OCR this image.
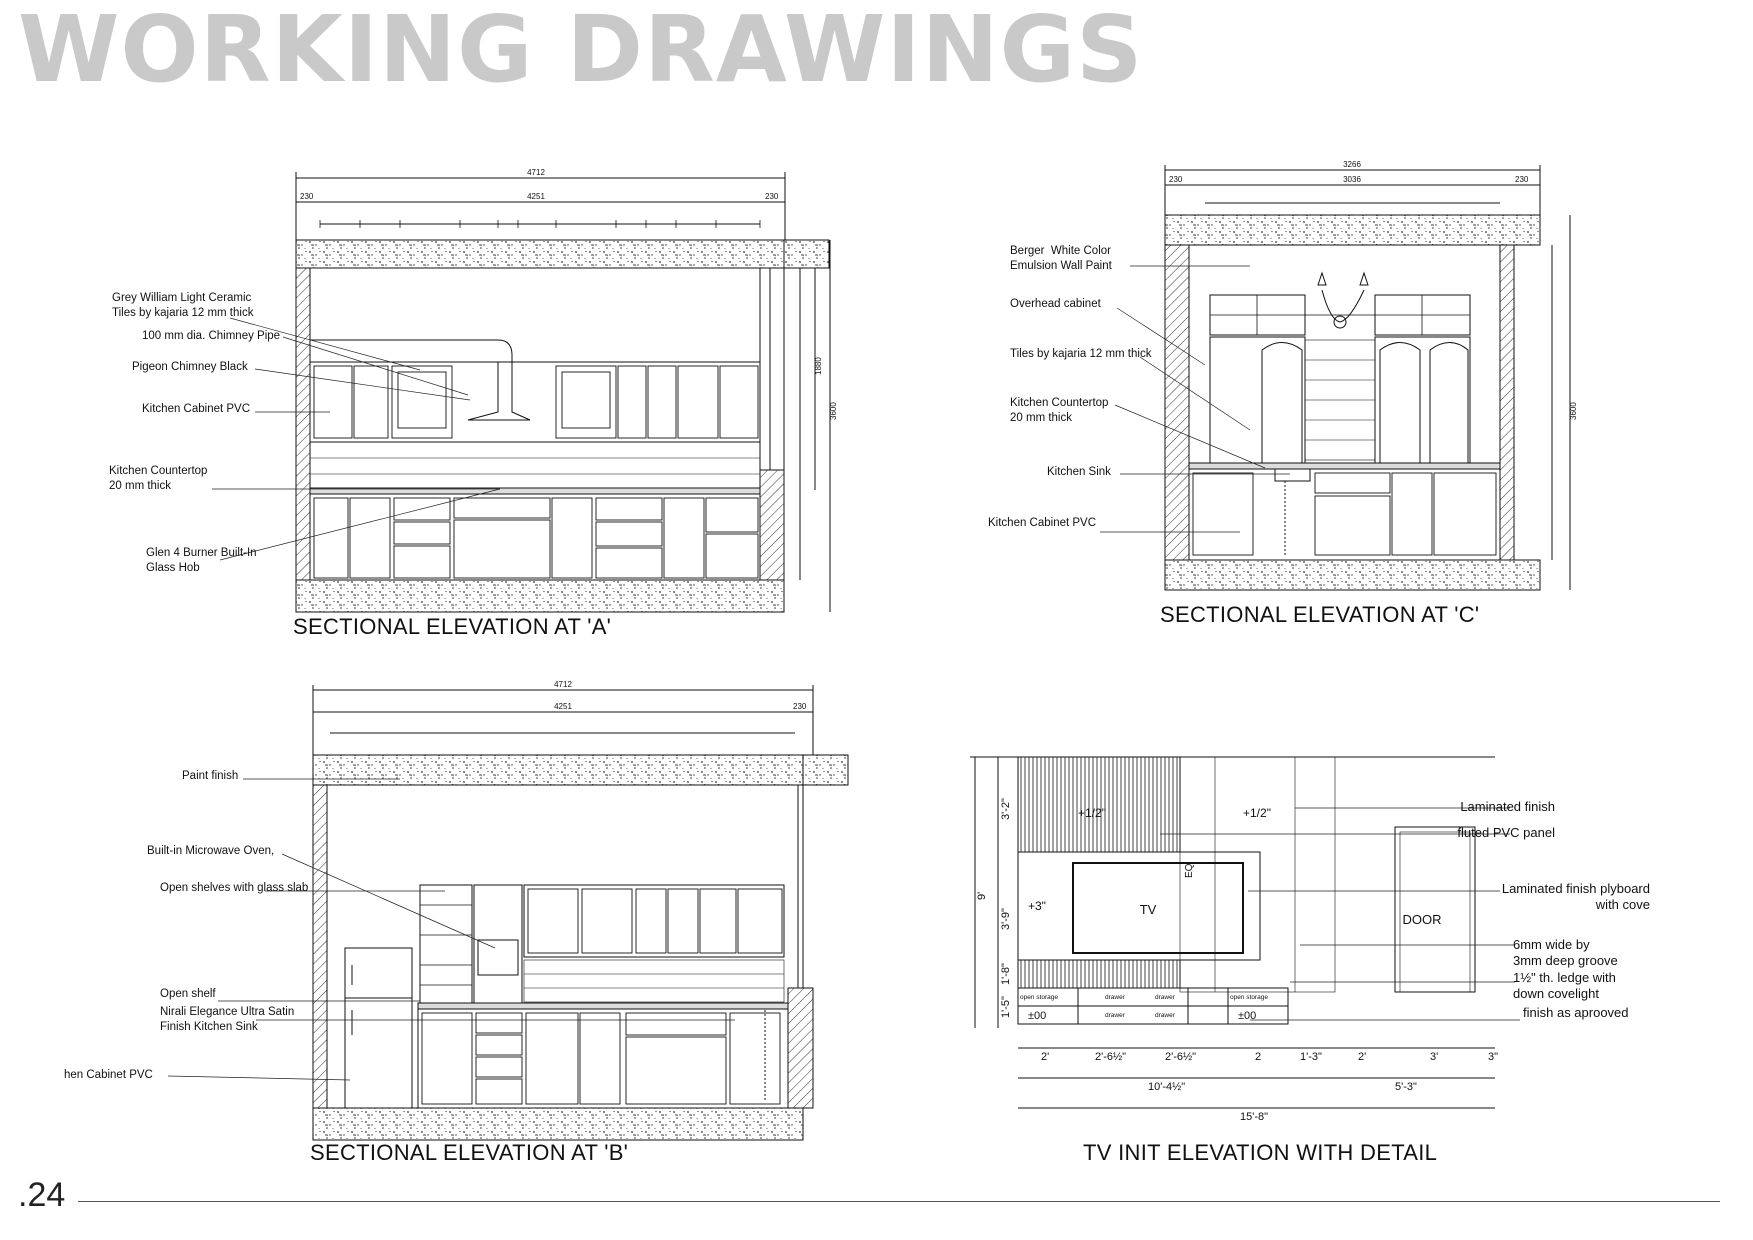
WORKING DRAWINGS
4712
4251
230	230
3600
1880
3266
3036
230	230
3600
4712
4251	230
TV
DOOR
EQ
+1/2"	+1/2"
+3"
±00	±00
open storage	drawer	drawer	open storage
drawer	drawer
2'	2'-6½"	2'-6½"	2	1'-3"	2'	3'	3"
10'-4½"	5'-3"
15'-8"
3'-2"
3'-9"
1'-8"
1'-5"
9'
Grey William Light Ceramic
Tiles by kajaria 12 mm thick
100 mm dia. Chimney Pipe
Pigeon Chimney Black
Kitchen Cabinet PVC
Kitchen Countertop
20 mm thick
Glen 4 Burner Built-In
Glass Hob
SECTIONAL ELEVATION AT 'A'
Berger  White Color
Emulsion Wall Paint
Overhead cabinet
Tiles by kajaria 12 mm thick
Kitchen Countertop
20 mm thick
Kitchen Sink
Kitchen Cabinet PVC
SECTIONAL ELEVATION AT 'C'
Paint finish
Built-in Microwave Oven,
Open shelves with glass slab
Open shelf
Nirali Elegance Ultra Satin
Finish Kitchen Sink
hen Cabinet PVC
SECTIONAL ELEVATION AT 'B'
Laminated finish
fluted PVC panel
Laminated finish plyboard
with cove
6mm wide by
3mm deep groove
1½" th. ledge with
down covelight
finish as aprooved
TV INIT ELEVATION WITH DETAIL
.24
